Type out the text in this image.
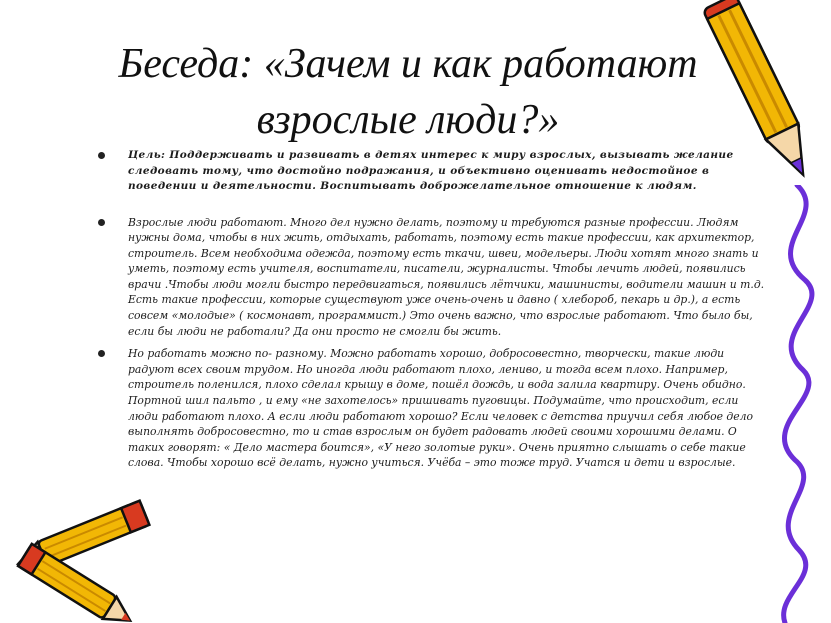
Беседа: «Зачем и как работают
взрослые люди?»
Цель: Поддерживать и развивать в детях интерес к миру взрослых, вызывать желание следовать тому, что достойно подражания, и объективно оценивать недостойное в поведении и деятельности. Воспитывать доброжелательное отношение к людям.
Взрослые люди работают. Много дел нужно делать, поэтому и требуются разные профессии. Людям нужны дома, чтобы в них жить, отдыхать, работать, поэтому есть такие профессии, как архитектор, строитель. Всем необходима одежда, поэтому есть ткачи, швеи, модельеры. Люди хотят много знать и уметь, поэтому есть учителя, воспитатели, писатели, журналисты. Чтобы лечить людей, появились врачи .Чтобы люди могли быстро передвигаться, появились лётчики, машинисты, водители машин и т.д. Есть такие профессии, которые существуют уже очень-очень и давно ( хлебороб, пекарь и др.), а есть совсем «молодые» ( космонавт, программист.) Это очень важно, что взрослые работают. Что было бы, если бы люди не работали? Да они просто не смогли бы жить.
Но работать можно по- разному. Можно работать хорошо, добросовестно, творчески, такие люди радуют всех своим трудом. Но иногда люди работают плохо, лениво, и тогда всем плохо. Например, строитель поленился, плохо сделал крышу в доме, пошёл дождь, и вода залила квартиру. Очень обидно. Портной шил пальто , и ему «не захотелось» пришивать пуговицы. Подумайте, что происходит, если люди работают плохо. А если люди работают хорошо? Если человек с детства приучил себя любое дело выполнять добросовестно, то и став взрослым он будет радовать людей своими хорошими делами. О таких говорят: « Дело мастера боится», «У него золотые руки». Очень приятно слышать о себе такие слова. Чтобы хорошо всё делать, нужно учиться. Учёба – это тоже труд. Учатся и дети и взрослые.
